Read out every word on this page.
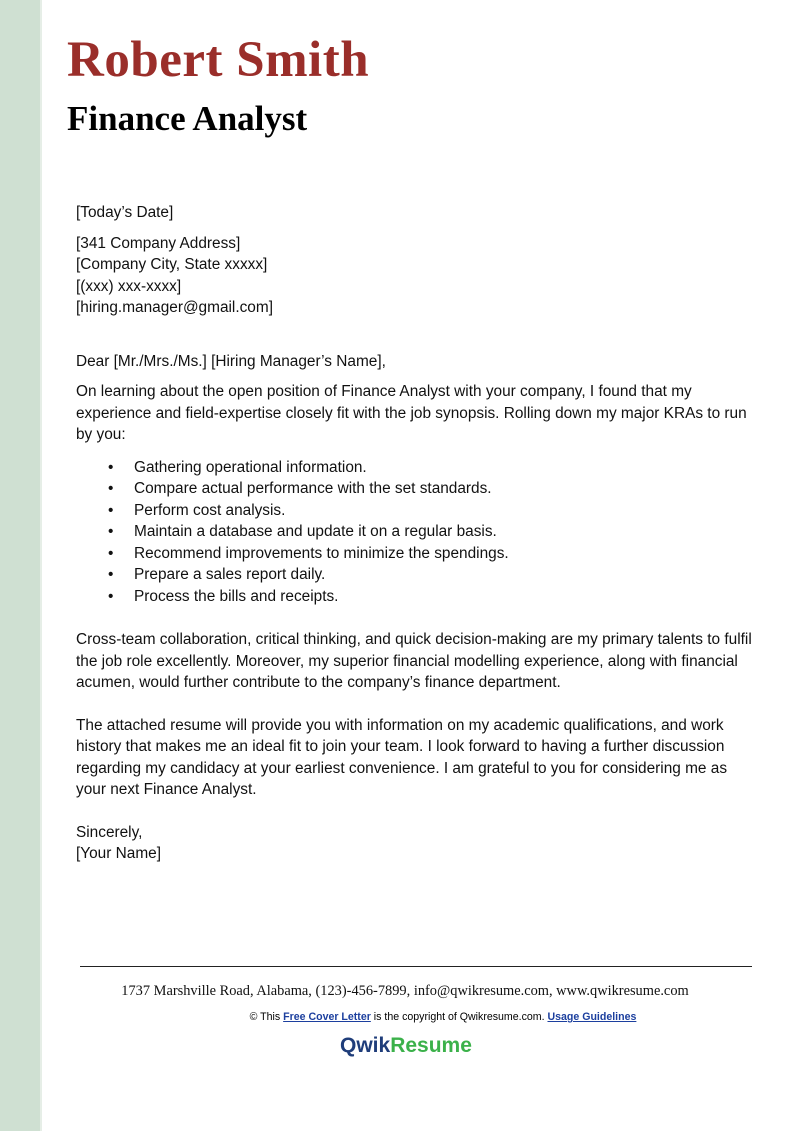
Robert Smith
Finance Analyst

[Today’s Date]

[341 Company Address]

[Company City, State xxxxx]

[(xxx) xxx-xxxx]

[hiring.manager@gmail.com]

Dear [Mr./Mrs./Ms.] [Hiring Manager’s Name],

On learning about the open position of Finance Analyst with your company, I found that my experience and field-expertise closely fit with the job synopsis. Rolling down my major KRAs to run by you:

• Gathering operational information.
• Compare actual performance with the set standards.
• Perform cost analysis.
• Maintain a database and update it on a regular basis.
• Recommend improvements to minimize the spendings.
• Prepare a sales report daily.
• Process the bills and receipts.

Cross-team collaboration, critical thinking, and quick decision-making are my primary talents to fulfil the job role excellently. Moreover, my superior financial modelling experience, along with financial acumen, would further contribute to the company’s finance department.

The attached resume will provide you with information on my academic qualifications, and work history that makes me an ideal fit to join your team. I look forward to having a further discussion regarding my candidacy at your earliest convenience. I am grateful to you for considering me as your next Finance Analyst.

Sincerely,

[Your Name]

1737 Marshville Road, Alabama, (123)-456-7899, info@qwikresume.com, www.qwikresume.com
© This Free Cover Letter is the copyright of Qwikresume.com. Usage Guidelines
QwikResume
